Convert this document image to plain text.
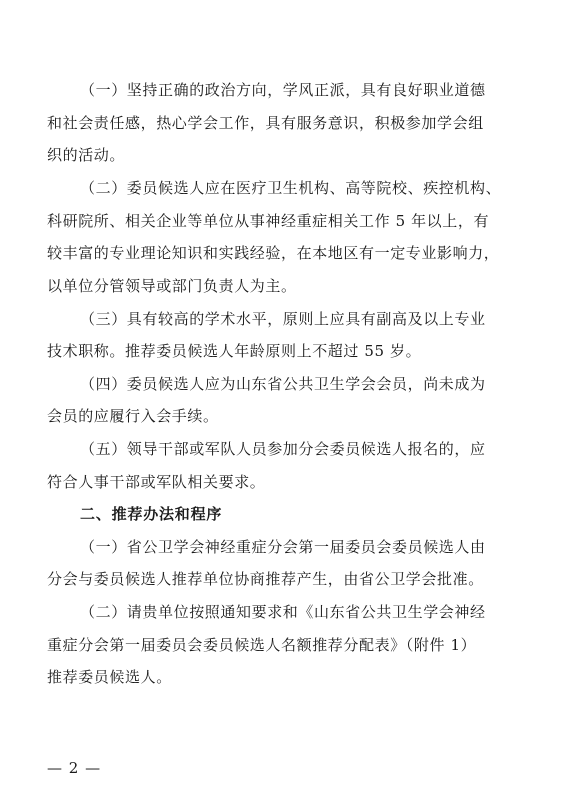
（一）坚持正确的政治方向，学风正派，具有良好职业道德
和社会责任感，热心学会工作，具有服务意识，积极参加学会组
织的活动。
（二）委员候选人应在医疗卫生机构、高等院校、疾控机构、
科研院所、相关企业等单位从事神经重症相关工作 5 年以上，有
较丰富的专业理论知识和实践经验，在本地区有一定专业影响力，
以单位分管领导或部门负责人为主。
（三）具有较高的学术水平，原则上应具有副高及以上专业
技术职称。推荐委员候选人年龄原则上不超过 55 岁。
（四）委员候选人应为山东省公共卫生学会会员，尚未成为
会员的应履行入会手续。
（五）领导干部或军队人员参加分会委员候选人报名的，应
符合人事干部或军队相关要求。
二、推荐办法和程序
（一）省公卫学会神经重症分会第一届委员会委员候选人由
分会与委员候选人推荐单位协商推荐产生，由省公卫学会批准。
（二）请贵单位按照通知要求和《山东省公共卫生学会神经
重症分会第一届委员会委员候选人名额推荐分配表》（附件 1）
推荐委员候选人。
— 2 —
